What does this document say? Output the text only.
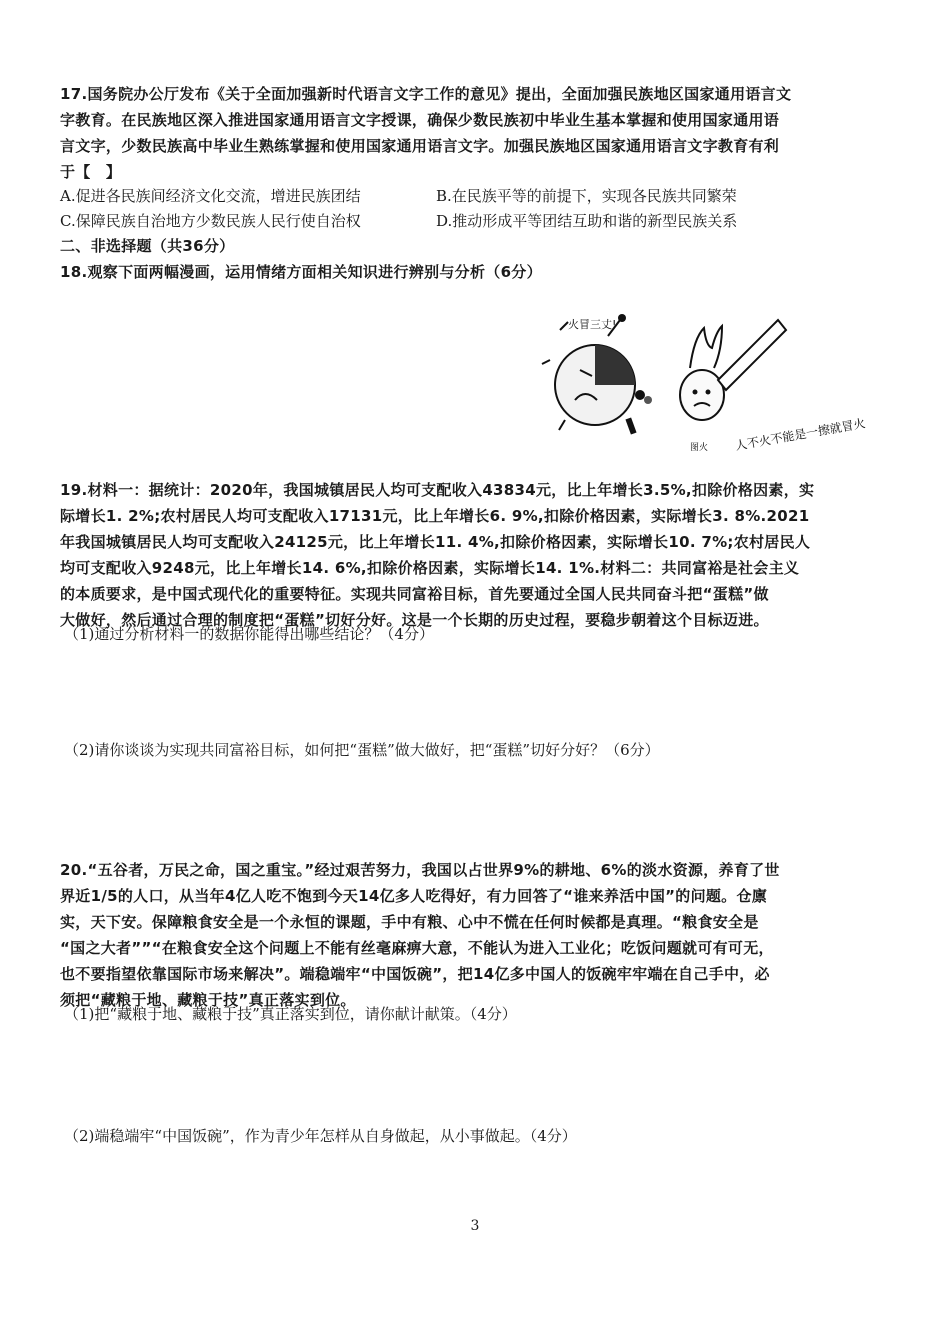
17.国务院办公厅发布《关于全面加强新时代语言文字工作的意见》提出，全面加强民族地区国家通用语言文
字教育。在民族地区深入推进国家通用语言文字授课，确保少数民族初中毕业生基本掌握和使用国家通用语
言文字，少数民族高中毕业生熟练掌握和使用国家通用语言文字。加强民族地区国家通用语言文字教育有利
于【　】
A.促进各民族间经济文化交流，增进民族团结	B.在民族平等的前提下，实现各民族共同繁荣
C.保障民族自治地方少数民族人民行使自治权	D.推动形成平等团结互助和谐的新型民族关系
二、非选择题（共36分）
18.观察下面两幅漫画，运用情绪方面相关知识进行辨别与分析（6分）
火冒三丈!
人不火不能是一擦就冒火
图火
19.材料一：据统计：2020年，我国城镇居民人均可支配收入43834元，比上年增长3.5%,扣除价格因素，实
际增长1. 2%;农村居民人均可支配收入17131元，比上年增长6. 9%,扣除价格因素，实际增长3. 8%.2021
年我国城镇居民人均可支配收入24125元，比上年增长11. 4%,扣除价格因素，实际增长10. 7%;农村居民人
均可支配收入9248元，比上年增长14. 6%,扣除价格因素，实际增长14. 1%.材料二：共同富裕是社会主义
的本质要求，是中国式现代化的重要特征。实现共同富裕目标，首先要通过全国人民共同奋斗把“蛋糕”做
大做好，然后通过合理的制度把“蛋糕”切好分好。这是一个长期的历史过程，要稳步朝着这个目标迈进。
（1)通过分析材料一的数据你能得出哪些结论？（4分）
（2)请你谈谈为实现共同富裕目标，如何把“蛋糕”做大做好，把“蛋糕”切好分好？（6分）
20.“五谷者，万民之命，国之重宝。”经过艰苦努力，我国以占世界9%的耕地、6%的淡水资源，养育了世
界近1/5的人口，从当年4亿人吃不饱到今天14亿多人吃得好，有力回答了“谁来养活中国”的问题。仓廪
实，天下安。保障粮食安全是一个永恒的课题，手中有粮、心中不慌在任何时候都是真理。“粮食安全是
“国之大者””“在粮食安全这个问题上不能有丝毫麻痹大意，不能认为进入工业化；吃饭问题就可有可无，
也不要指望依靠国际市场来解决”。端稳端牢“中国饭碗”，把14亿多中国人的饭碗牢牢端在自己手中，必
须把“藏粮于地、藏粮于技”真正落实到位。
（1)把“藏粮于地、藏粮于技”真正落实到位，请你献计献策。（4分）
（2)端稳端牢“中国饭碗”，作为青少年怎样从自身做起，从小事做起。（4分）
3
